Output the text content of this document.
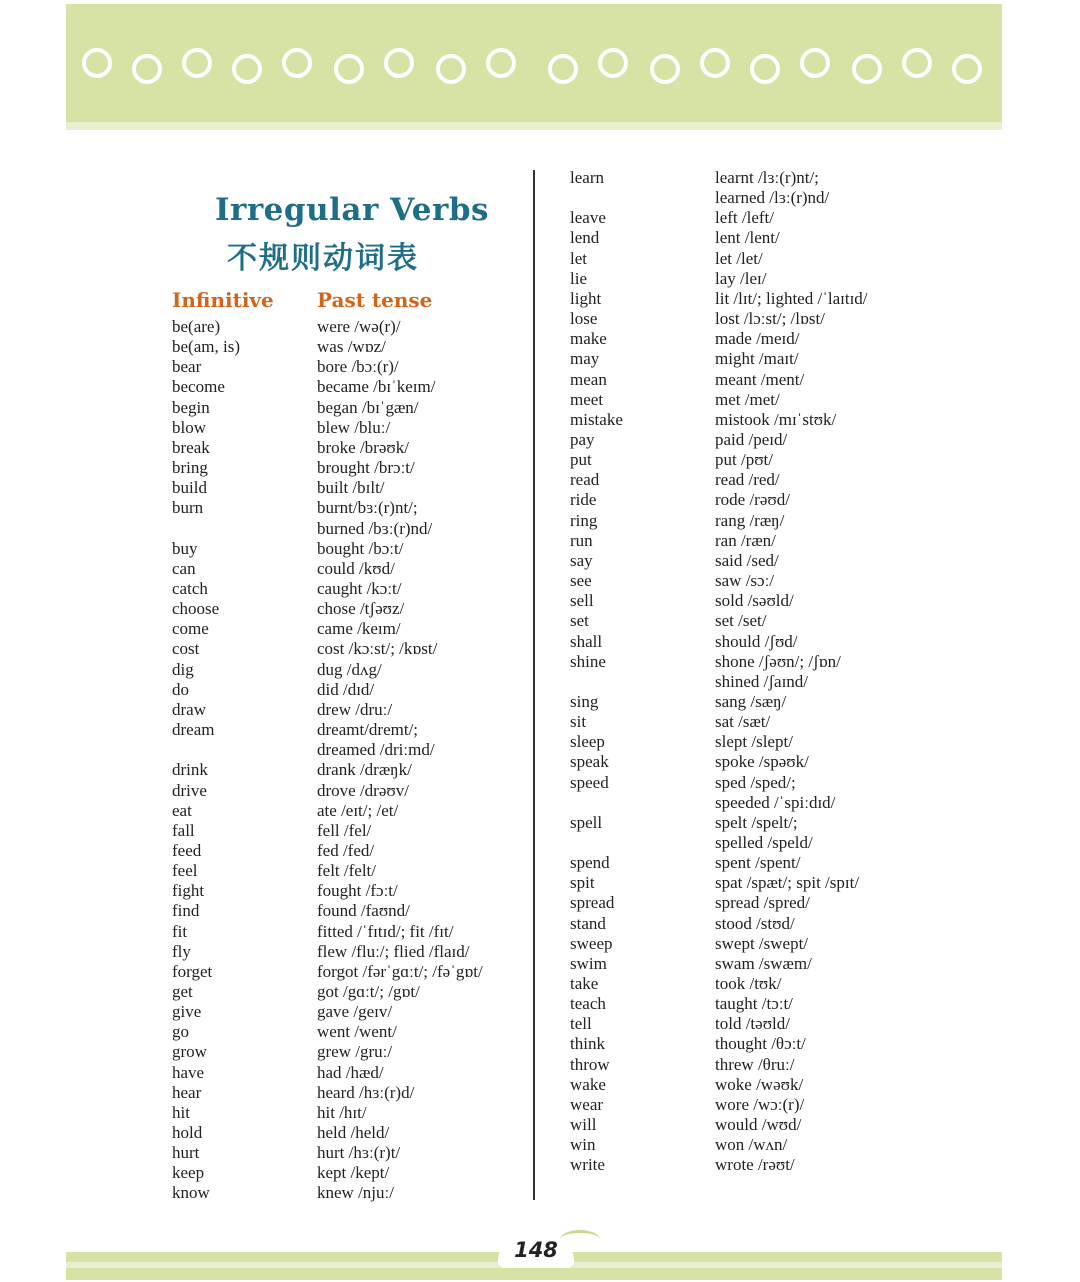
Irregular Verbs
不规则动词表
Infinitive Past tense
be(are)	were /wə(r)/
be(am, is)	was /wɒz/
bear	bore /bɔː(r)/
become	became /bɪˈkeɪm/
begin	began /bɪˈgæn/
blow	blew /bluː/
break	broke /brəʊk/
bring	brought /brɔːt/
build	built /bɪlt/
burn	burnt/bɜː(r)nt/;
burned /bɜː(r)nd/
buy	bought /bɔːt/
can	could /kʊd/
catch	caught /kɔːt/
choose	chose /tʃəʊz/
come	came /keɪm/
cost	cost /kɔːst/; /kɒst/
dig	dug /dʌg/
do	did /dɪd/
draw	drew /druː/
dream	dreamt/dremt/;
dreamed /driːmd/
drink	drank /dræŋk/
drive	drove /drəʊv/
eat	ate /eɪt/; /et/
fall	fell /fel/
feed	fed /fed/
feel	felt /felt/
fight	fought /fɔːt/
find	found /faʊnd/
fit	fitted /ˈfɪtɪd/; fit /fɪt/
fly	flew /fluː/; flied /flaɪd/
forget	forgot /fərˈgɑːt/; /fəˈgɒt/
get	got /gɑːt/; /gɒt/
give	gave /geɪv/
go	went /went/
grow	grew /gruː/
have	had /hæd/
hear	heard /hɜː(r)d/
hit	hit /hɪt/
hold	held /held/
hurt	hurt /hɜː(r)t/
keep	kept /kept/
know	knew /njuː/
learn	learnt /lɜː(r)nt/;
learned /lɜː(r)nd/
leave	left /left/
lend	lent /lent/
let	let /let/
lie	lay /leɪ/
light	lit /lɪt/; lighted /ˈlaɪtɪd/
lose	lost /lɔːst/; /lɒst/
make	made /meɪd/
may	might /maɪt/
mean	meant /ment/
meet	met /met/
mistake	mistook /mɪˈstʊk/
pay	paid /peɪd/
put	put /pʊt/
read	read /red/
ride	rode /rəʊd/
ring	rang /ræŋ/
run	ran /ræn/
say	said /sed/
see	saw /sɔː/
sell	sold /səʊld/
set	set /set/
shall	should /ʃʊd/
shine	shone /ʃəʊn/; /ʃɒn/
shined /ʃaɪnd/
sing	sang /sæŋ/
sit	sat /sæt/
sleep	slept /slept/
speak	spoke /spəʊk/
speed	sped /sped/;
speeded /ˈspiːdɪd/
spell	spelt /spelt/;
spelled /speld/
spend	spent /spent/
spit	spat /spæt/; spit /spɪt/
spread	spread /spred/
stand	stood /stʊd/
sweep	swept /swept/
swim	swam /swæm/
take	took /tʊk/
teach	taught /tɔːt/
tell	told /təʊld/
think	thought /θɔːt/
throw	threw /θruː/
wake	woke /wəʊk/
wear	wore /wɔː(r)/
will	would /wʊd/
win	won /wʌn/
write	wrote /rəʊt/
148
